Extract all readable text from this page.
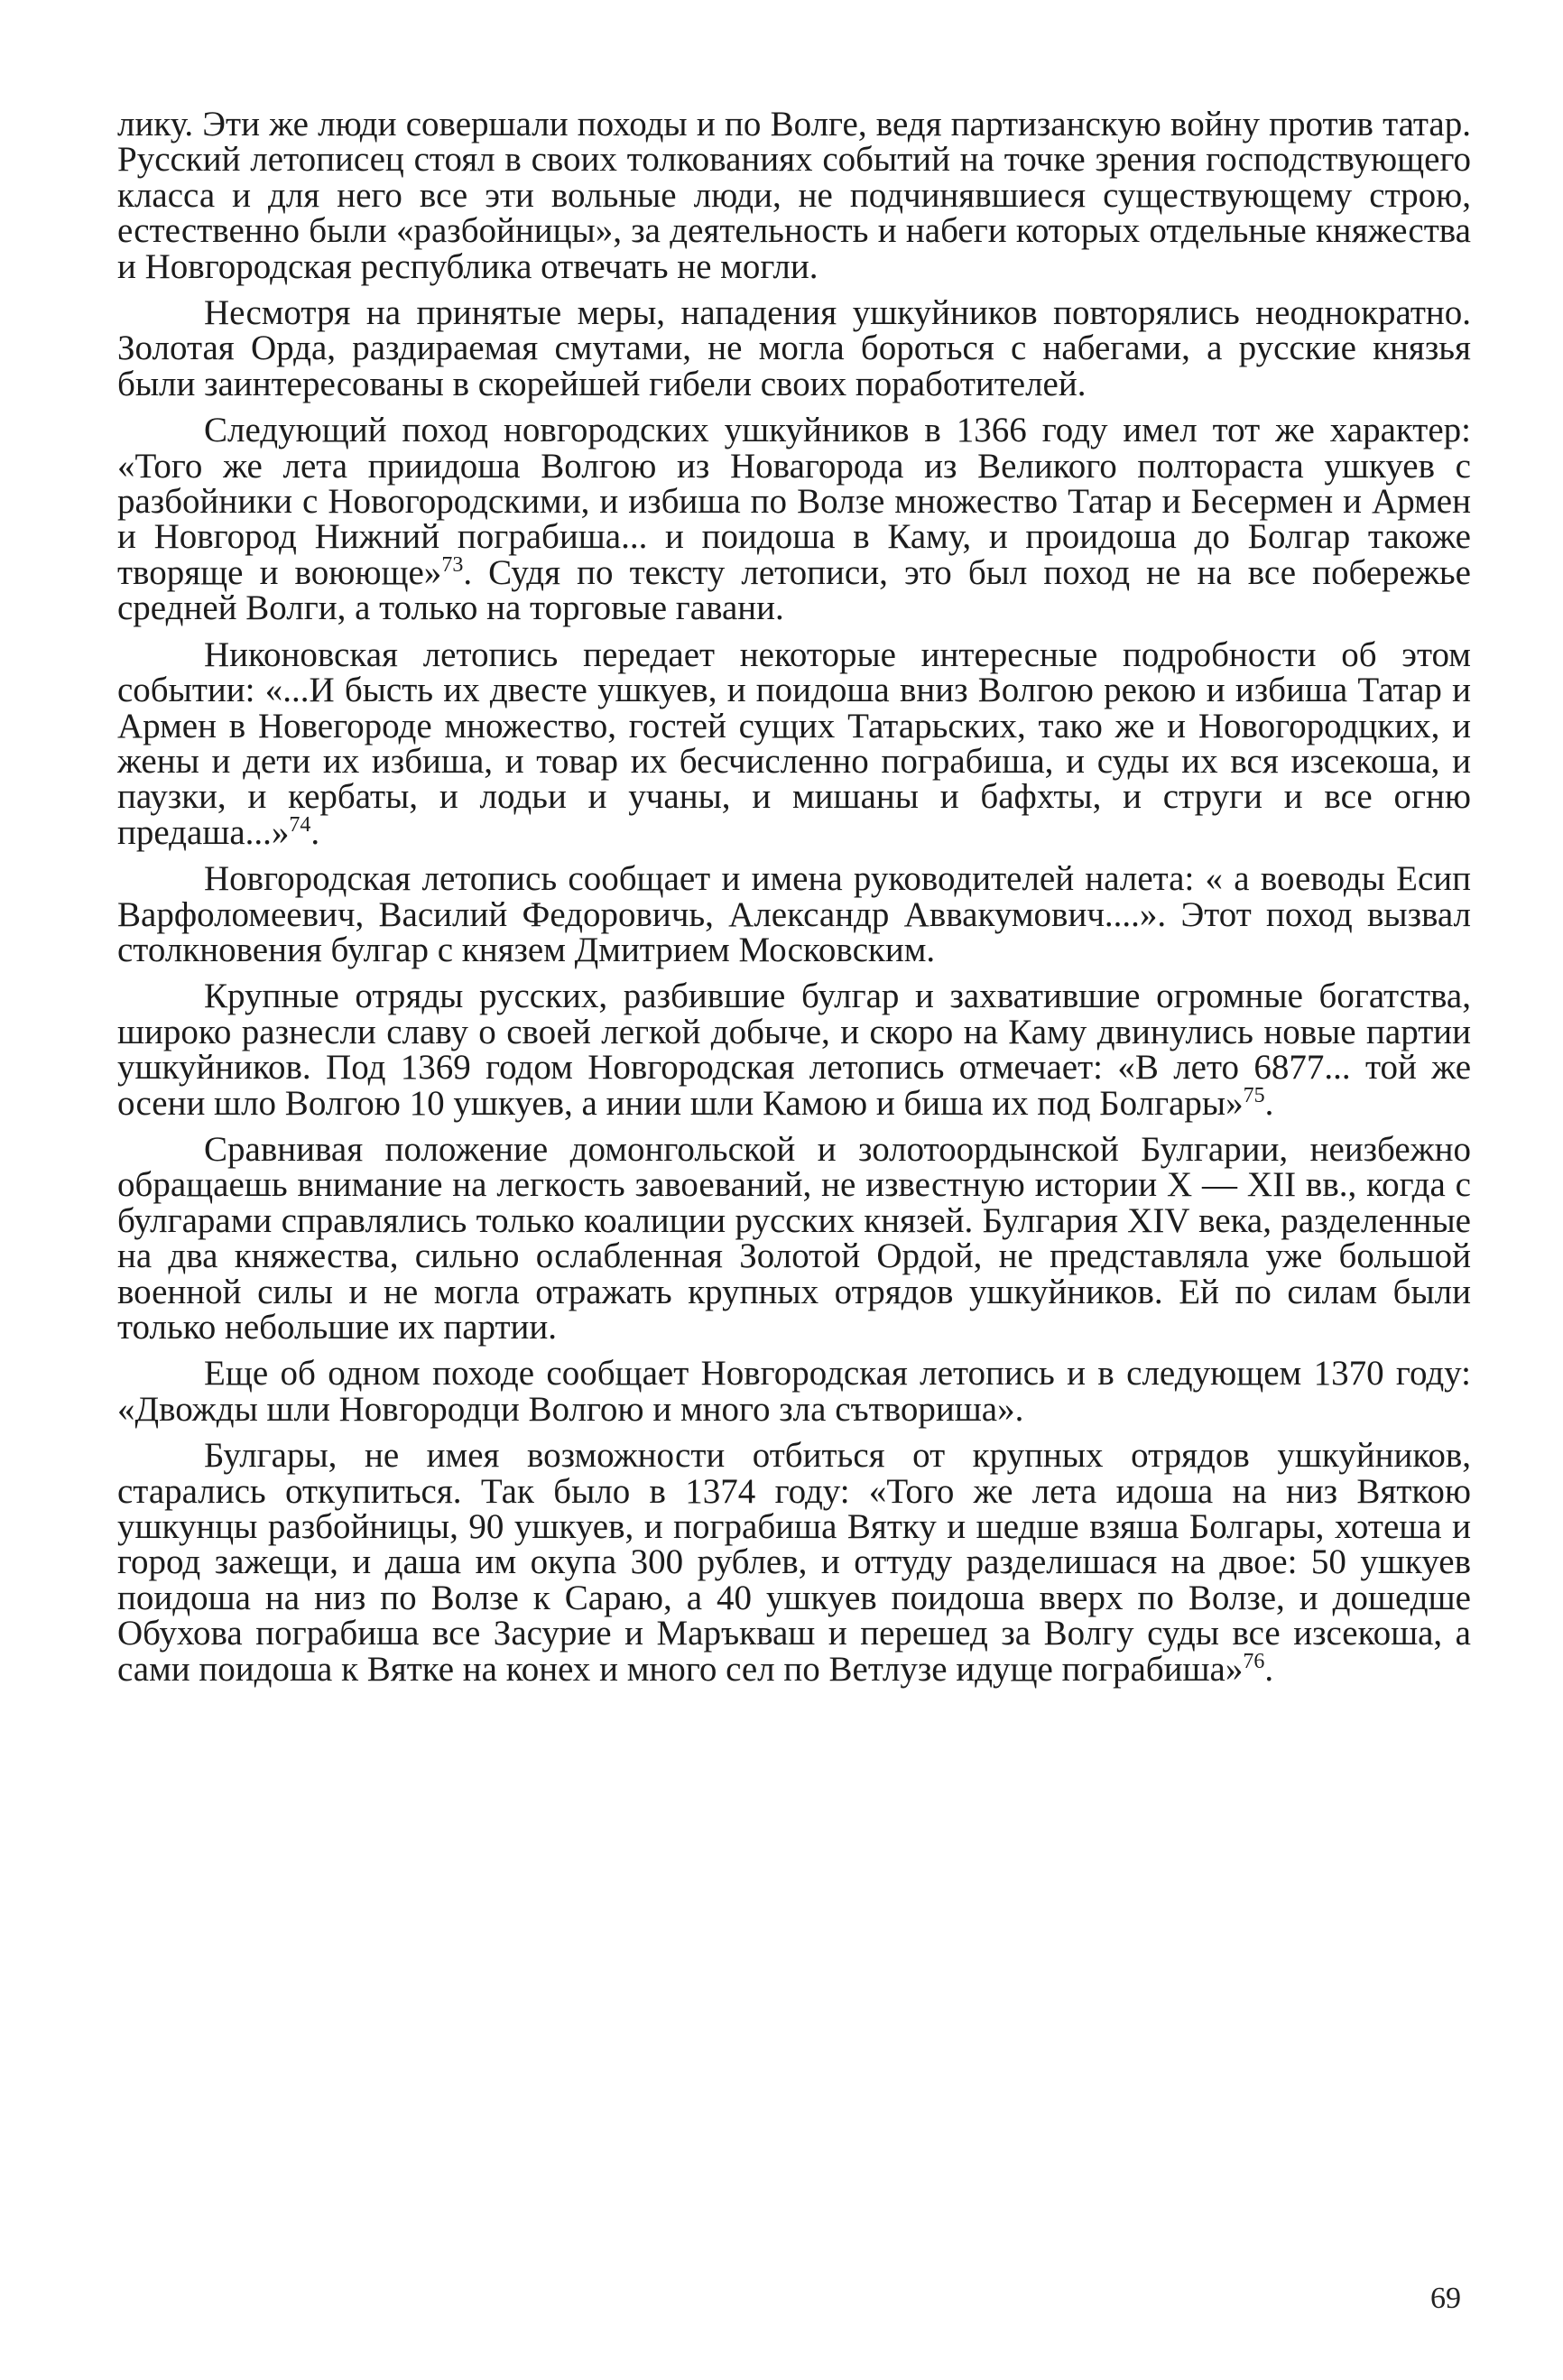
лику. Эти же люди совершали походы и по Волге, ведя партизанскую войну против татар. Русский летописец стоял в своих толкованиях событий на точке зрения господствующего класса и для него все эти вольные люди, не подчинявшиеся существующему строю, естественно были «разбойницы», за деятельность и набеги которых отдельные княжества и Новгородская республика отвечать не могли.

Несмотря на принятые меры, нападения ушкуйников повторялись неоднократно. Золотая Орда, раздираемая смутами, не могла бороться с набегами, а русские князья были заинтересованы в скорейшей гибели своих поработителей.

Следующий поход новгородских ушкуйников в 1366 году имел тот же характер: «Того же лета приидоша Волгою из Новагорода из Великого полтораста ушкуев с разбойники с Новогородскими, и избиша по Волзе множество Татар и Бесермен и Армен и Новгород Нижний пограбиша... и поидоша в Каму, и проидоша до Болгар такоже творяще и воююще»$^{73}$. Судя по тексту летописи, это был поход не на все побережье средней Волги, а только на торговые гавани.

Никоновская летопись передает некоторые интересные подробности об этом событии: «...И бысть их двесте ушкуев, и поидоша вниз Волгою рекою и избиша Татар и Армен в Новегороде множество, гостей сущих Татарьских, тако же и Новогородцких, и жены и дети их избиша, и товар их бесчисленно пограбиша, и суды их вся изсекоша, и паузки, и кербаты, и лодьи и учаны, и мишаны и бафхты, и струги и все огню предаша...»$^{74}$.

Новгородская летопись сообщает и имена руководителей налета: « а воеводы Есип Варфоломеевич, Василий Федоровичь, Александр Аввакумович....». Этот поход вызвал столкновения булгар с князем Дмитрием Московским.

Крупные отряды русских, разбившие булгар и захватившие огромные богатства, широко разнесли славу о своей легкой добыче, и скоро на Каму двинулись новые партии ушкуйников. Под 1369 годом Новгородская летопись отмечает: «В лето 6877... той же осени шло Волгою 10 ушкуев, а инии шли Камою и биша их под Болгары»$^{75}$.

Сравнивая положение домонгольской и золотоордынской Булгарии, неизбежно обращаешь внимание на легкость завоеваний, не известную истории X — XII вв., когда с булгарами справлялись только коалиции русских князей. Булгария XIV века, разделенные на два княжества, сильно ослабленная Золотой Ордой, не представляла уже большой военной силы и не могла отражать крупных отрядов ушкуйников. Ей по силам были только небольшие их партии.

Еще об одном походе сообщает Новгородская летопись и в следующем 1370 году: «Двожды шли Новгородци Волгою и много зла сътвориша».

Булгары, не имея возможности отбиться от крупных отрядов ушкуйников, старались откупиться. Так было в 1374 году: «Того же лета идоша на низ Вяткою ушкунцы разбойницы, 90 ушкуев, и пограбиша Вятку и шедше взяша Болгары, хотеша и город зажещи, и даша им окупа 300 рублев, и оттуду разделишася на двое: 50 ушкуев поидоша на низ по Волзе к Сараю, а 40 ушкуев поидоша вверх по Волзе, и дошедше Обухова пограбиша все Засурие и Маръкваш и перешед за Волгу суды все изсекоша, а сами поидоша к Вятке на конех и много сел по Ветлузе идуще пограбиша»$^{76}$.

69
